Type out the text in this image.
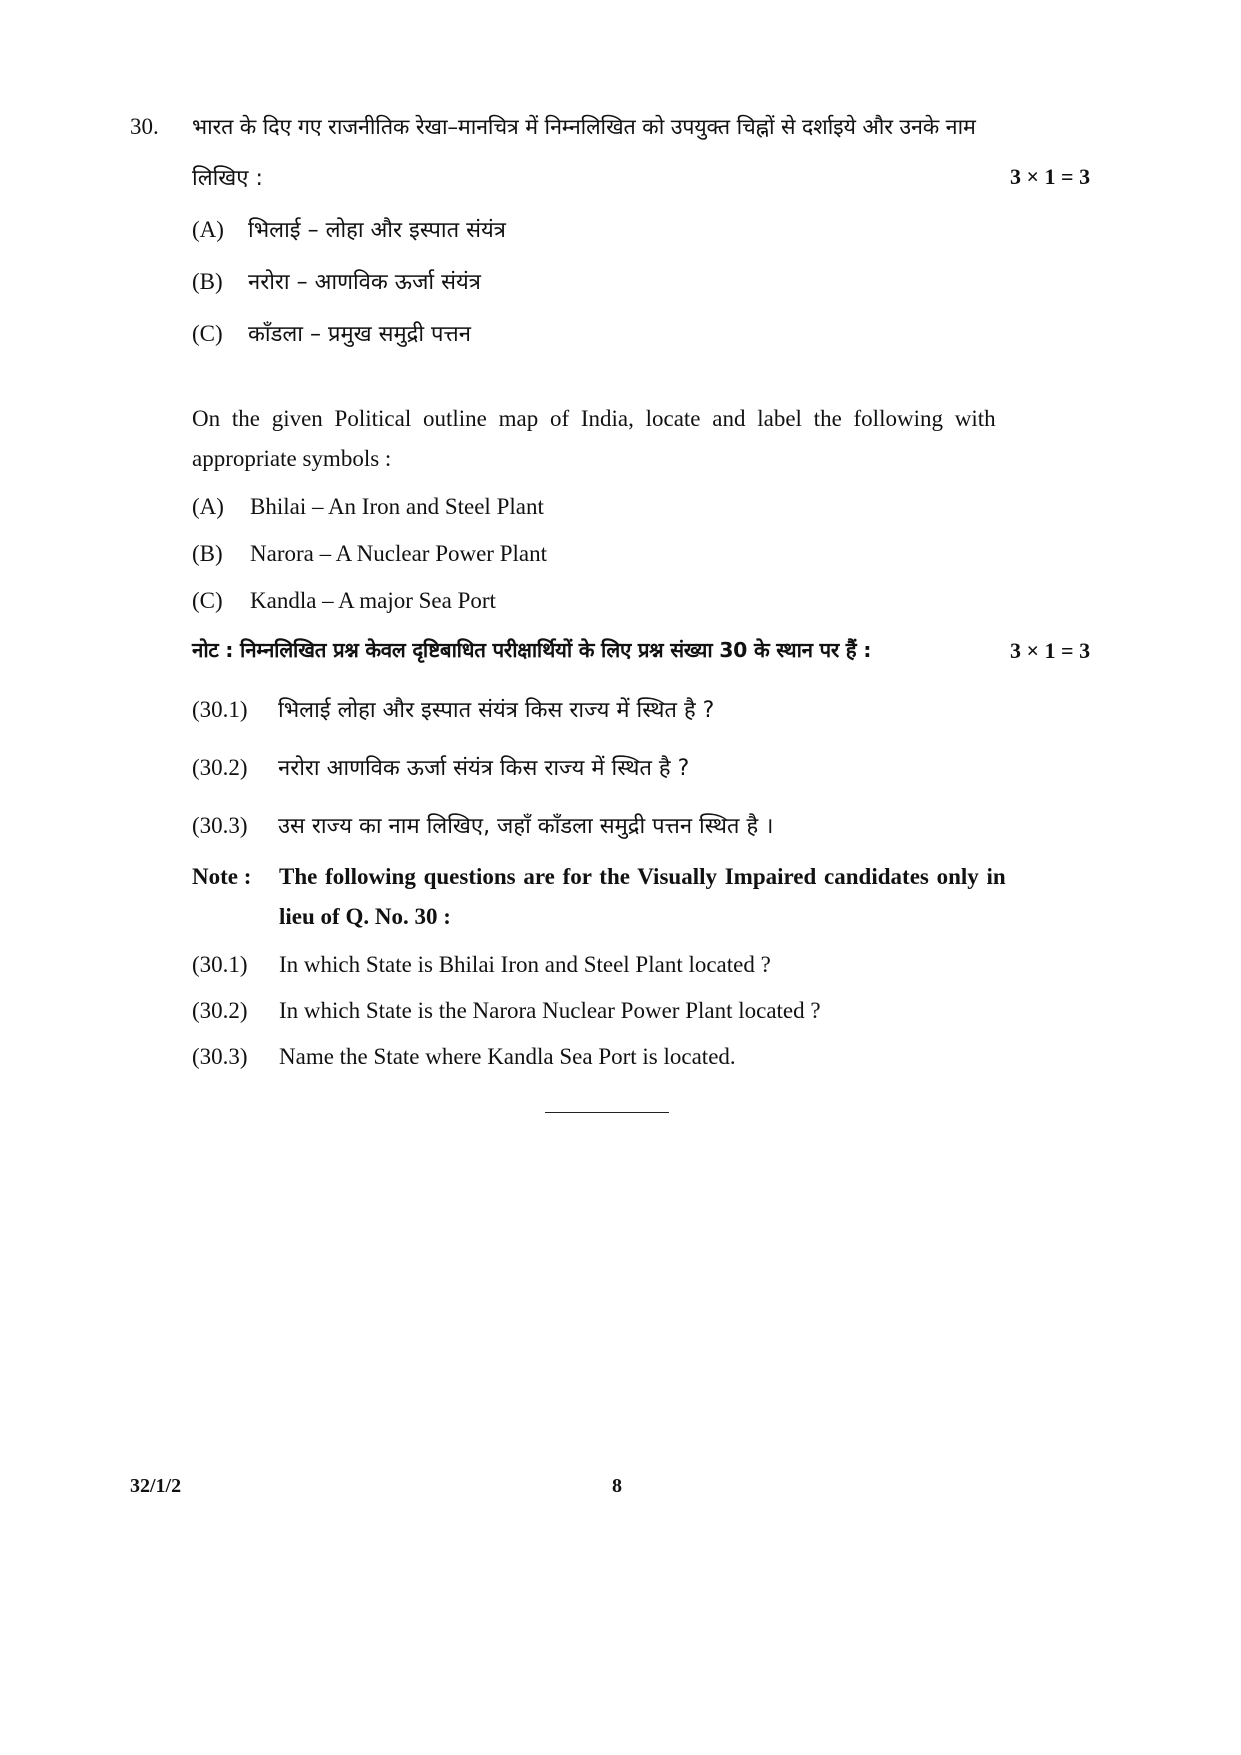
30. भारत के दिए गए राजनीतिक रेखा–मानचित्र में निम्नलिखित को उपयुक्त चिह्नों से दर्शाइये और उनके नाम
लिखिए :	3 × 1 = 3
(A) भिलाई – लोहा और इस्पात संयंत्र
(B) नरोरा – आणविक ऊर्जा संयंत्र
(C) काँडला – प्रमुख समुद्री पत्तन
On the given Political outline map of India, locate and label the following with
appropriate symbols :
(A) Bhilai – An Iron and Steel Plant
(B) Narora – A Nuclear Power Plant
(C) Kandla – A major Sea Port
नोट : निम्नलिखित प्रश्न केवल दृष्टिबाधित परीक्षार्थियों के लिए प्रश्न संख्या 30 के स्थान पर हैं :	3 × 1 = 3
(30.1) भिलाई लोहा और इस्पात संयंत्र किस राज्य में स्थित है ?
(30.2) नरोरा आणविक ऊर्जा संयंत्र किस राज्य में स्थित है ?
(30.3) उस राज्य का नाम लिखिए, जहाँ काँडला समुद्री पत्तन स्थित है ।
Note : The following questions are for the Visually Impaired candidates only in
lieu of Q. No. 30 :
(30.1) In which State is Bhilai Iron and Steel Plant located ?
(30.2) In which State is the Narora Nuclear Power Plant located ?
(30.3) Name the State where Kandla Sea Port is located.
32/1/2	8
